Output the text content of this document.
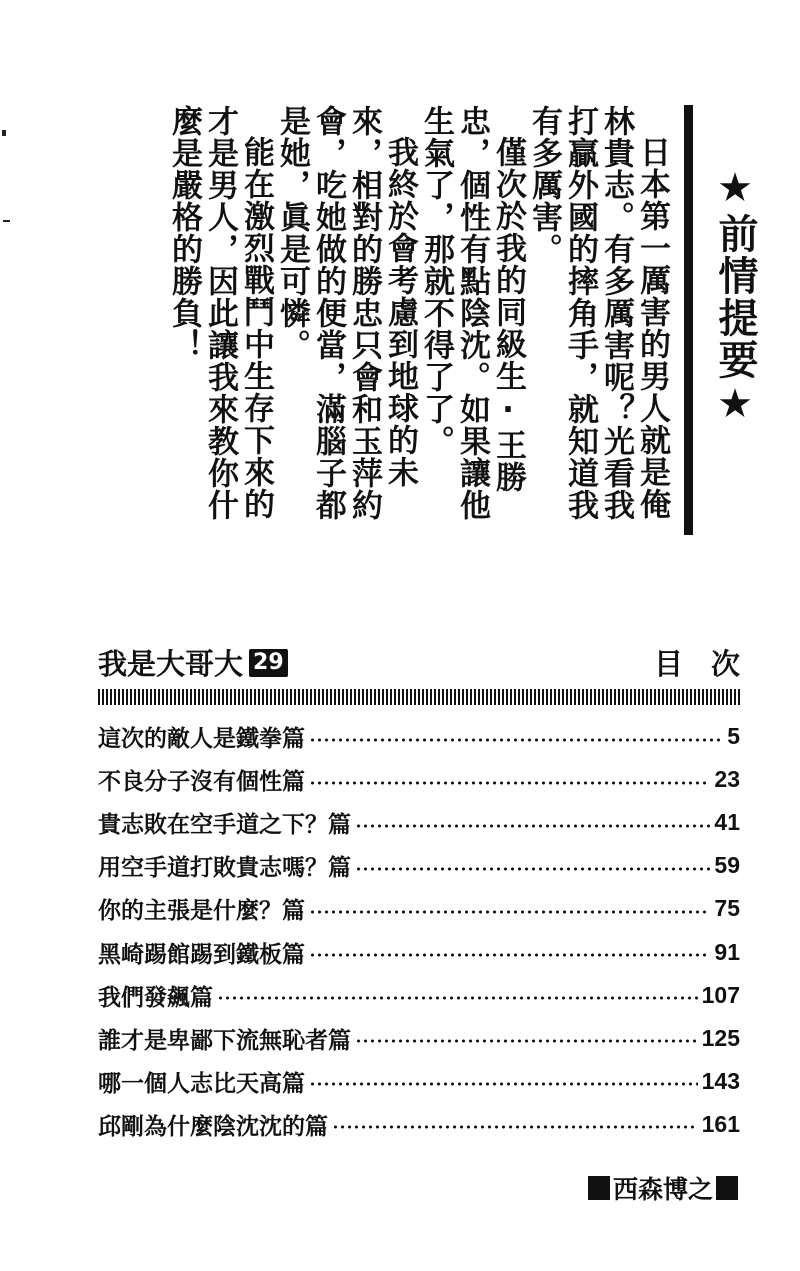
★前情提要★

日本第一厲害的男人就是俺林貴志。有多厲害呢？光看我打贏外國的摔角手，就知道我有多厲害。

僅次於我的同級生‧王勝忠，個性有點陰沈。如果讓他生氣了，那就不得了了。

我終於會考慮到地球的未來，相對的勝忠只會和玉萍約會，吃她做的便當，滿腦子都是她，眞是可憐。

能在激烈戰鬥中生存下來的才是男人，因此讓我來教你什麼是嚴格的勝負！

我是大哥大 29	目次
這次的敵人是鐵拳篇	5
不良分子沒有個性篇	23
貴志敗在空手道之下？篇	41
用空手道打敗貴志嗎？篇	59
你的主張是什麼？篇	75
黑崎踢館踢到鐵板篇	91
我們發飆篇	107
誰才是卑鄙下流無恥者篇	125
哪一個人志比天高篇	143
邱剛為什麼陰沈沈的篇	161
西森博之
